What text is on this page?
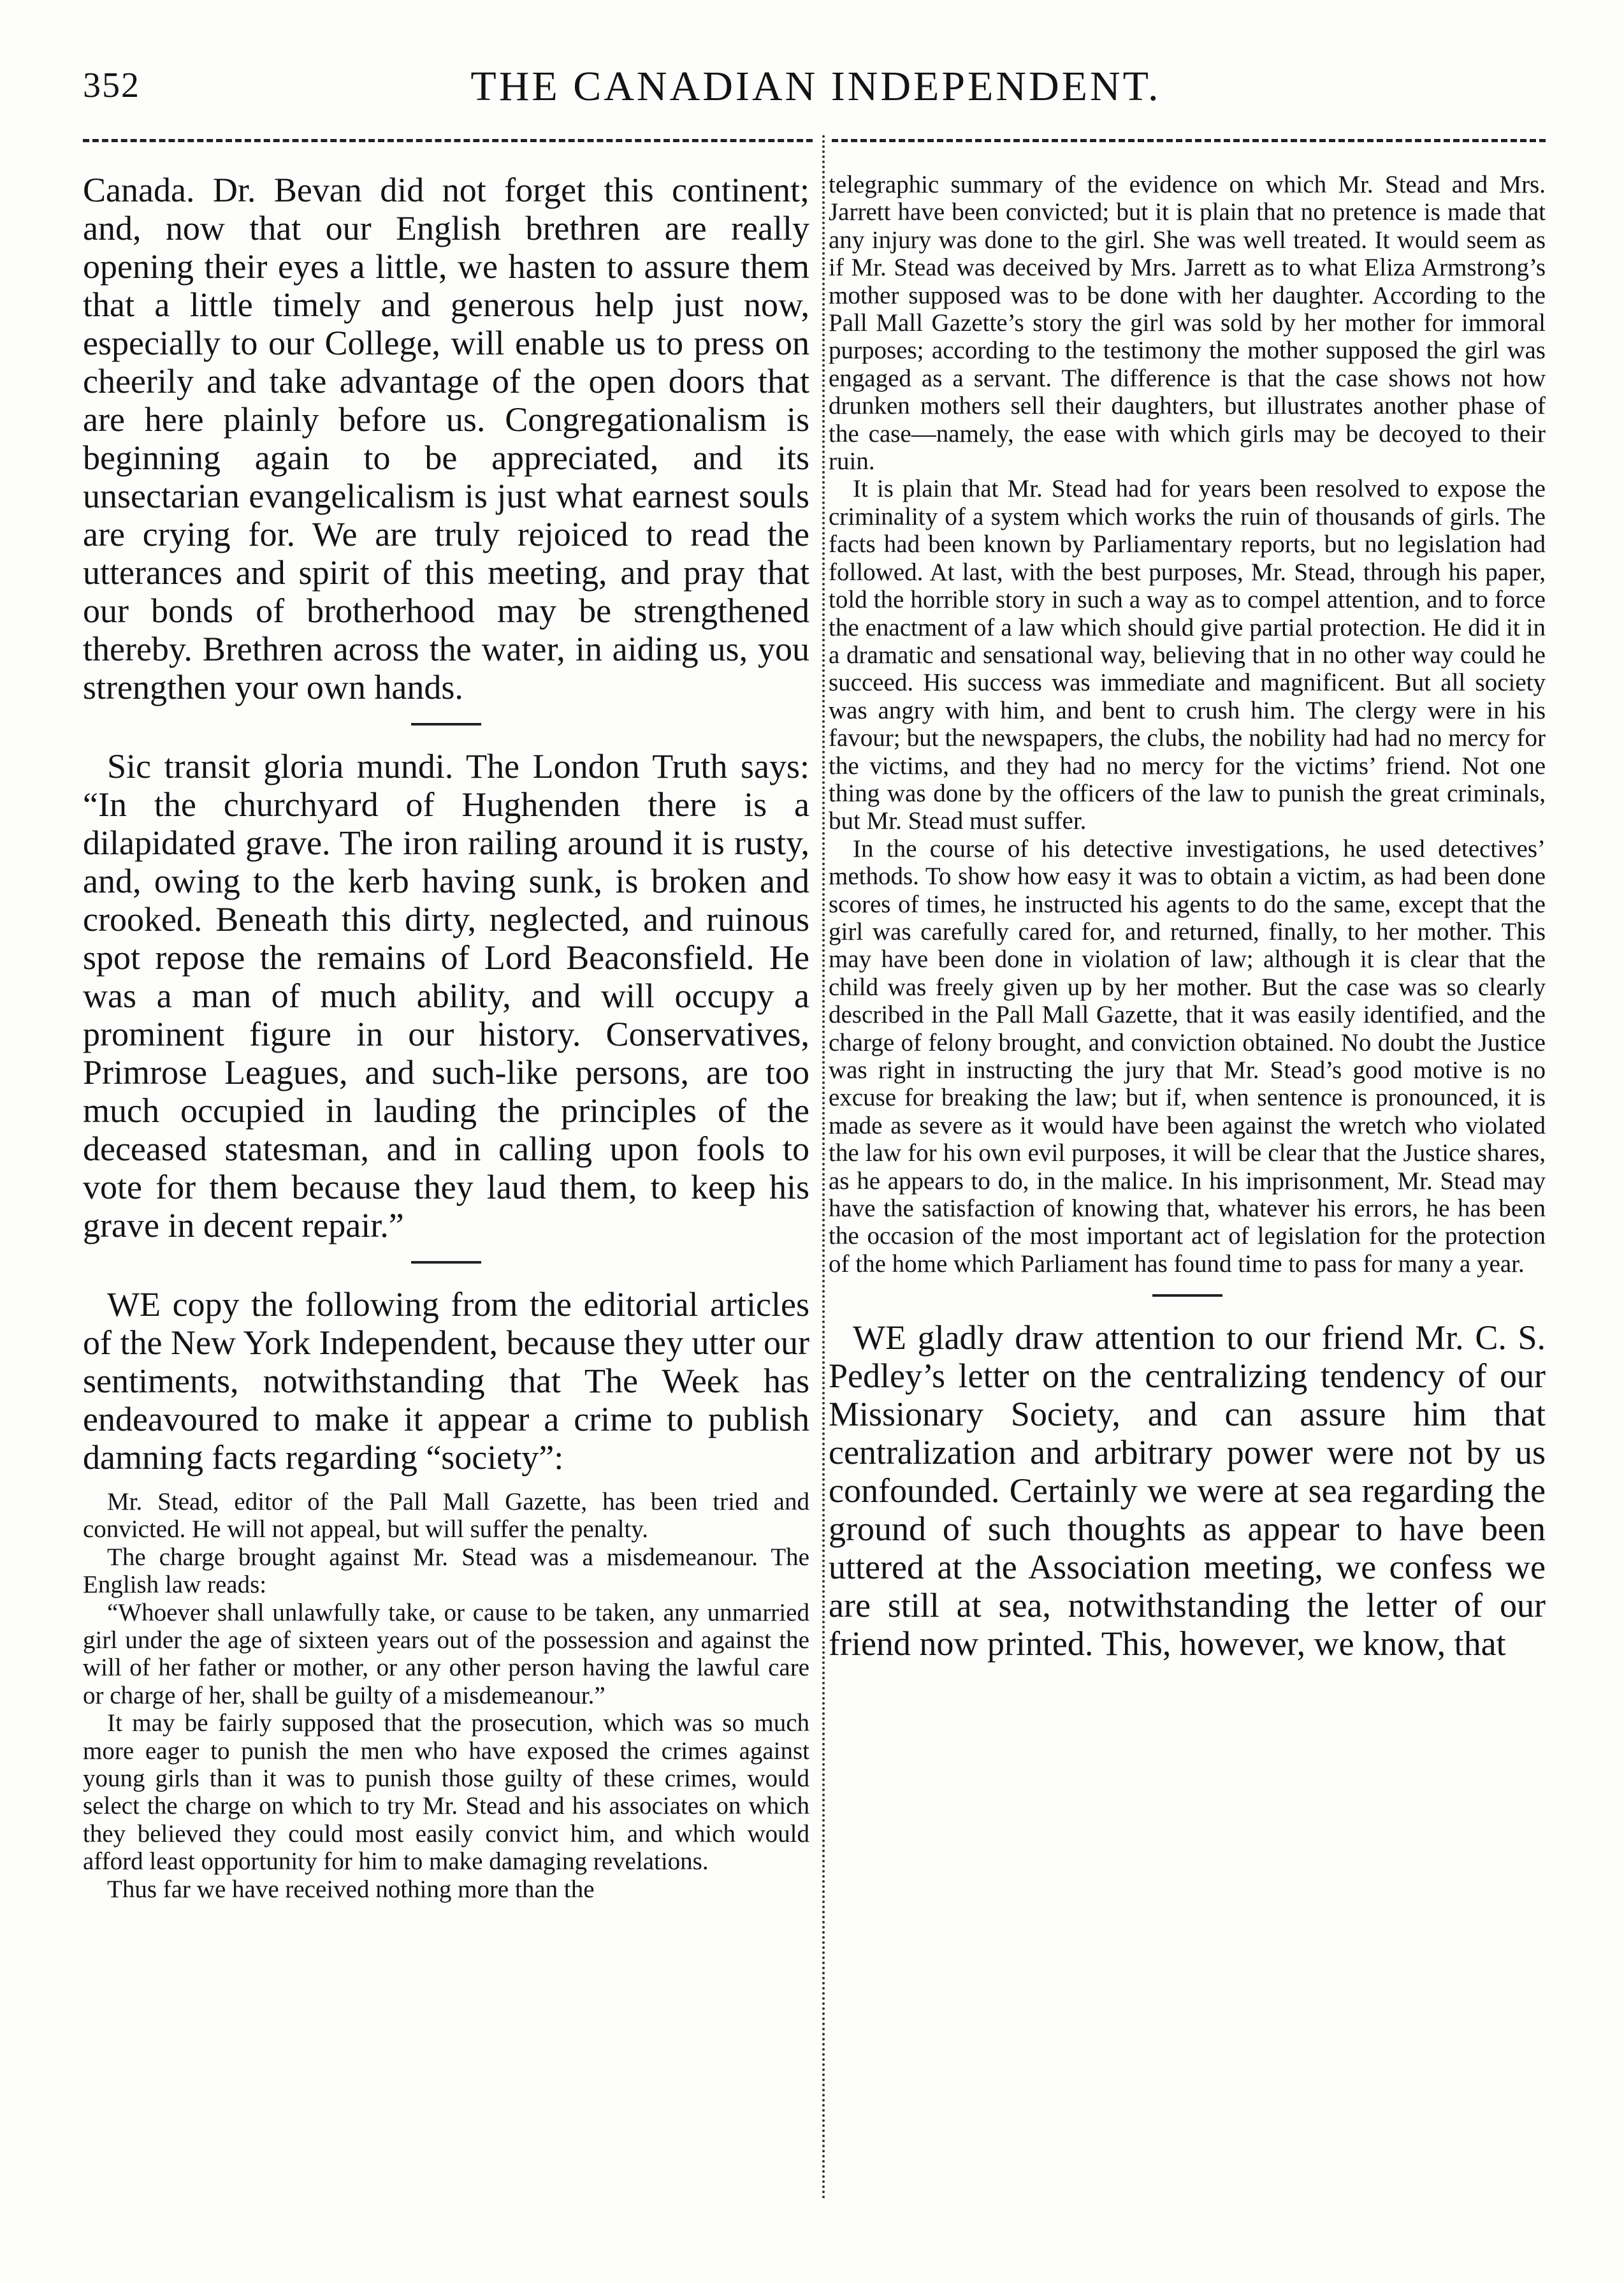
352	THE CANADIAN INDEPENDENT.

Canada. Dr. Bevan did not forget this continent; and, now that our English brethren are really opening their eyes a little, we hasten to assure them that a little timely and generous help just now, especially to our College, will enable us to press on cheerily and take advantage of the open doors that are here plainly before us. Congregationalism is beginning again to be appreciated, and its unsectarian evangelicalism is just what earnest souls are crying for. We are truly rejoiced to read the utterances and spirit of this meeting, and pray that our bonds of brotherhood may be strengthened thereby. Brethren across the water, in aiding us, you strengthen your own hands.

Sic transit gloria mundi. The London Truth says: “In the churchyard of Hughenden there is a dilapidated grave. The iron railing around it is rusty, and, owing to the kerb having sunk, is broken and crooked. Beneath this dirty, neglected, and ruinous spot repose the remains of Lord Beaconsfield. He was a man of much ability, and will occupy a prominent figure in our history. Conservatives, Primrose Leagues, and such-like persons, are too much occupied in lauding the principles of the deceased statesman, and in calling upon fools to vote for them because they laud them, to keep his grave in decent repair.”

WE copy the following from the editorial articles of the New York Independent, because they utter our sentiments, notwithstanding that The Week has endeavoured to make it appear a crime to publish damning facts regarding “society”:

Mr. Stead, editor of the Pall Mall Gazette, has been tried and convicted. He will not appeal, but will suffer the penalty.

The charge brought against Mr. Stead was a misdemeanour. The English law reads:

“Whoever shall unlawfully take, or cause to be taken, any unmarried girl under the age of sixteen years out of the possession and against the will of her father or mother, or any other person having the lawful care or charge of her, shall be guilty of a misdemeanour.”

It may be fairly supposed that the prosecution, which was so much more eager to punish the men who have exposed the crimes against young girls than it was to punish those guilty of these crimes, would select the charge on which to try Mr. Stead and his associates on which they believed they could most easily convict him, and which would afford least opportunity for him to make damaging revelations.

Thus far we have received nothing more than the

telegraphic summary of the evidence on which Mr. Stead and Mrs. Jarrett have been convicted; but it is plain that no pretence is made that any injury was done to the girl. She was well treated. It would seem as if Mr. Stead was deceived by Mrs. Jarrett as to what Eliza Armstrong’s mother supposed was to be done with her daughter. According to the Pall Mall Gazette’s story the girl was sold by her mother for immoral purposes; according to the testimony the mother supposed the girl was engaged as a servant. The difference is that the case shows not how drunken mothers sell their daughters, but illustrates another phase of the case—namely, the ease with which girls may be decoyed to their ruin.

It is plain that Mr. Stead had for years been resolved to expose the criminality of a system which works the ruin of thousands of girls. The facts had been known by Parliamentary reports, but no legislation had followed. At last, with the best purposes, Mr. Stead, through his paper, told the horrible story in such a way as to compel attention, and to force the enactment of a law which should give partial protection. He did it in a dramatic and sensational way, believing that in no other way could he succeed. His success was immediate and magnificent. But all society was angry with him, and bent to crush him. The clergy were in his favour; but the newspapers, the clubs, the nobility had had no mercy for the victims, and they had no mercy for the victims’ friend. Not one thing was done by the officers of the law to punish the great criminals, but Mr. Stead must suffer.

In the course of his detective investigations, he used detectives’ methods. To show how easy it was to obtain a victim, as had been done scores of times, he instructed his agents to do the same, except that the girl was carefully cared for, and returned, finally, to her mother. This may have been done in violation of law; although it is clear that the child was freely given up by her mother. But the case was so clearly described in the Pall Mall Gazette, that it was easily identified, and the charge of felony brought, and conviction obtained. No doubt the Justice was right in instructing the jury that Mr. Stead’s good motive is no excuse for breaking the law; but if, when sentence is pronounced, it is made as severe as it would have been against the wretch who violated the law for his own evil purposes, it will be clear that the Justice shares, as he appears to do, in the malice. In his imprisonment, Mr. Stead may have the satisfaction of knowing that, whatever his errors, he has been the occasion of the most important act of legislation for the protection of the home which Parliament has found time to pass for many a year.

WE gladly draw attention to our friend Mr. C. S. Pedley’s letter on the centralizing tendency of our Missionary Society, and can assure him that centralization and arbitrary power were not by us confounded. Certainly we were at sea regarding the ground of such thoughts as appear to have been uttered at the Association meeting, we confess we are still at sea, notwithstanding the letter of our friend now printed. This, however, we know, that
